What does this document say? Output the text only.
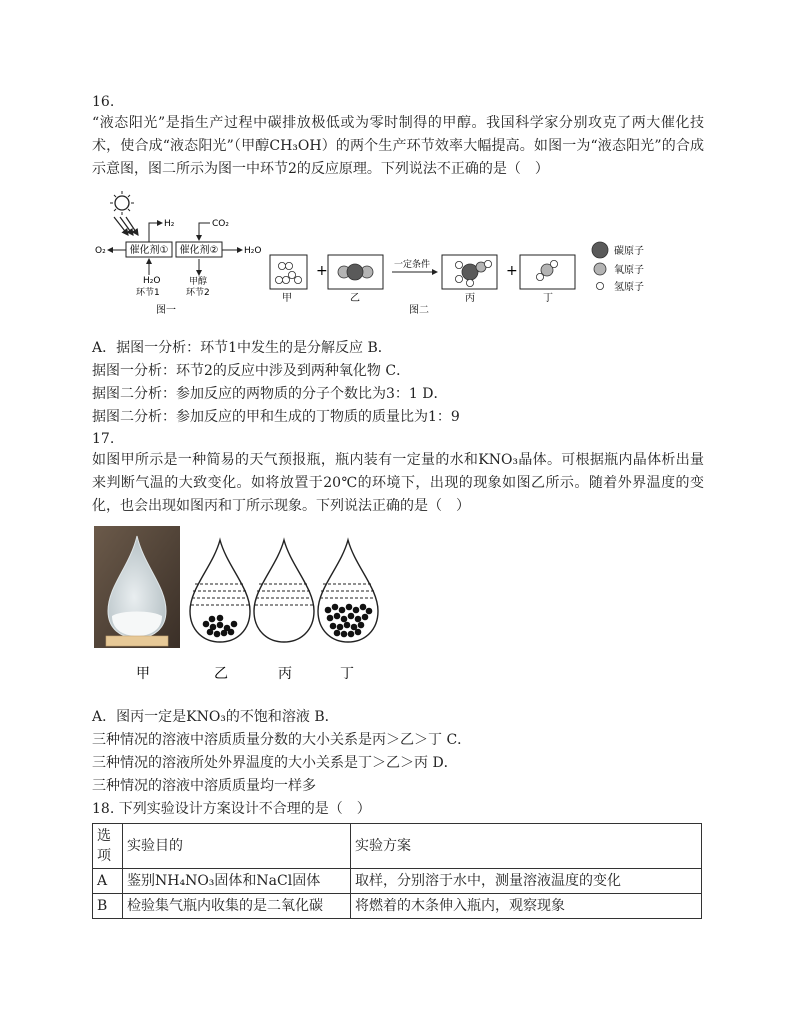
16.
“液态阳光”是指生产过程中碳排放极低或为零时制得的甲醇。我国科学家分别攻克了两大催化技术，使合成“液态阳光”（甲醇CH₃OH）的两个生产环节效率大幅提高。如图一为“液态阳光”的合成示意图，图二所示为图一中环节2的反应原理。下列说法不正确的是（　）
催化剂① 催化剂②
O₂
H₂	CO₂
H₂O
H₂O
环节1
甲醇
环节2
图一
甲
+
乙
一定条件
丙
+
丁
图二
碳原子
氧原子
氢原子
A．据图一分析：环节1中发生的是分解反应 B．
据图一分析：环节2的反应中涉及到两种氧化物 C．
据图二分析：参加反应的两物质的分子个数比为3：1 D．
据图二分析：参加反应的甲和生成的丁物质的质量比为1：9
17.
如图甲所示是一种简易的天气预报瓶，瓶内装有一定量的水和KNO₃晶体。可根据瓶内晶体析出量来判断气温的大致变化。如将放置于20℃的环境下，出现的现象如图乙所示。随着外界温度的变化，也会出现如图丙和丁所示现象。下列说法正确的是（　）
甲	乙	丙	丁
A．图丙一定是KNO₃的不饱和溶液 B．
三种情况的溶液中溶质质量分数的大小关系是丙＞乙＞丁 C．
三种情况的溶液所处外界温度的大小关系是丁＞乙＞丙 D．
三种情况的溶液中溶质质量均一样多
18. 下列实验设计方案设计不合理的是（　）
选项	实验目的	实验方案
A	鉴别NH₄NO₃固体和NaCl固体	取样，分别溶于水中，测量溶液温度的变化
B	检验集气瓶内收集的是二氧化碳	将燃着的木条伸入瓶内，观察现象
